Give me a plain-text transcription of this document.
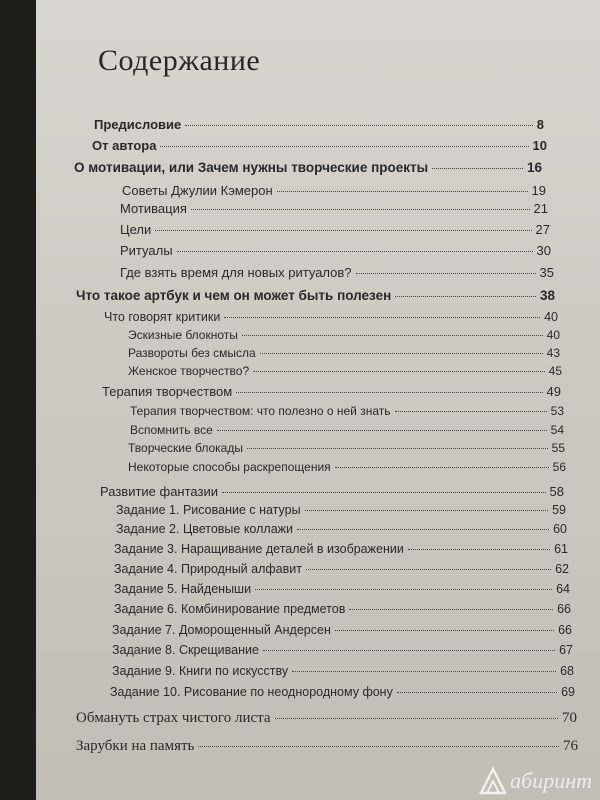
Содержание
Предисловие	8
От автора	10
О мотивации, или Зачем нужны творческие проекты	16
Советы Джулии Кэмерон	19
Мотивация	21
Цели	27
Ритуалы	30
Где взять время для новых ритуалов?	35
Что такое артбук и чем он может быть полезен	38
Что говорят критики	40
Эскизные блокноты	40
Развороты без смысла	43
Женское творчество?	45
Терапия творчеством	49
Терапия творчеством: что полезно о ней знать	53
Вспомнить все	54
Творческие блокады	55
Некоторые способы раскрепощения	56
Развитие фантазии	58
Задание 1. Рисование с натуры	59
Задание 2. Цветовые коллажи	60
Задание 3. Наращивание деталей в изображении	61
Задание 4. Природный алфавит	62
Задание 5. Найденыши	64
Задание 6. Комбинирование предметов	66
Задание 7. Доморощенный Андерсен	66
Задание 8. Скрещивание	67
Задание 9. Книги по искусству	68
Задание 10. Рисование по неоднородному фону	69
Обмануть страх чистого листа	70
Зарубки на память	76
абиринт
